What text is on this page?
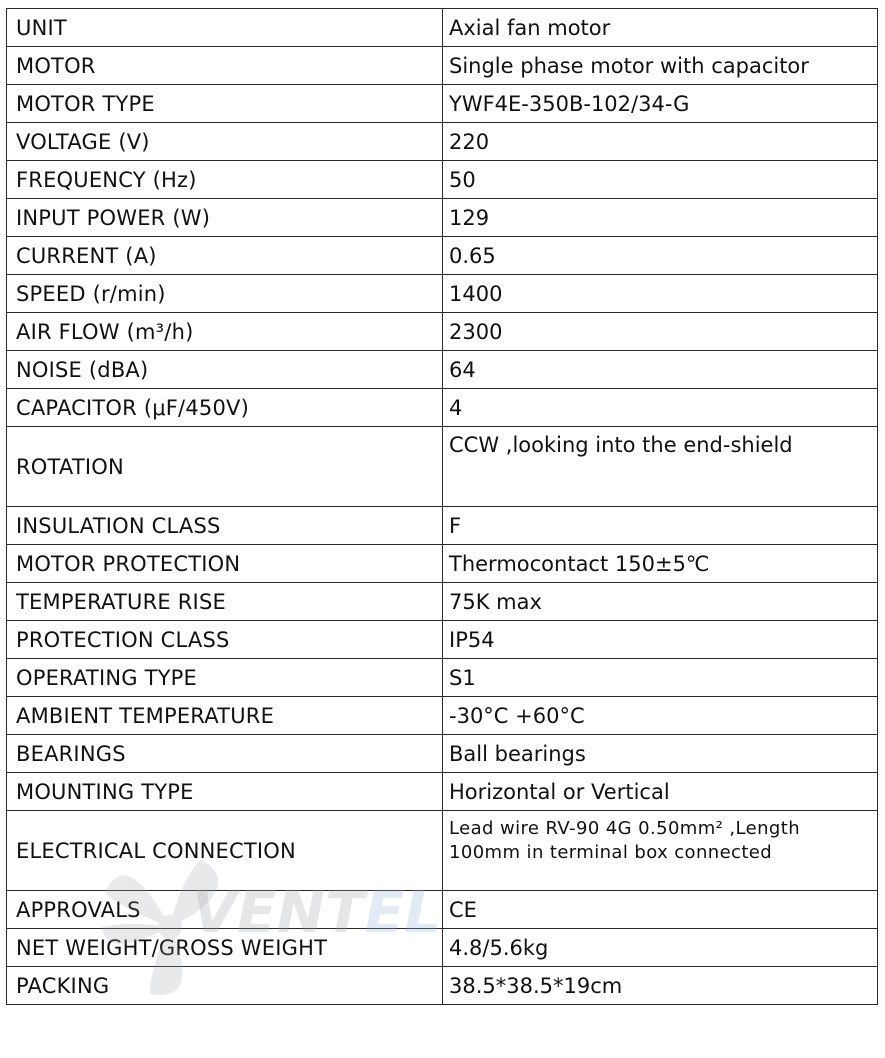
UNIT	Axial fan motor
MOTOR	Single phase motor with capacitor
MOTOR TYPE	YWF4E-350B-102/34-G
VOLTAGE (V)	220
FREQUENCY (Hz)	50
INPUT POWER (W)	129
CURRENT (A)	0.65
SPEED (r/min)	1400
AIR FLOW (m³/h)	2300
NOISE (dBA)	64
CAPACITOR (μF/450V)	4
ROTATION	CCW ,looking into the end-shield
INSULATION CLASS	F
MOTOR PROTECTION	Thermocontact 150±5℃
TEMPERATURE RISE	75K max
PROTECTION CLASS	IP54
OPERATING TYPE	S1
AMBIENT TEMPERATURE	-30°C +60°C
BEARINGS	Ball bearings
MOUNTING TYPE	Horizontal or Vertical
ELECTRICAL CONNECTION	Lead wire RV-90 4G 0.50mm² ,Length 100mm in terminal box connected
APPROVALS	CE
NET WEIGHT/GROSS WEIGHT	4.8/5.6kg
PACKING	38.5*38.5*19cm
VENTEL
